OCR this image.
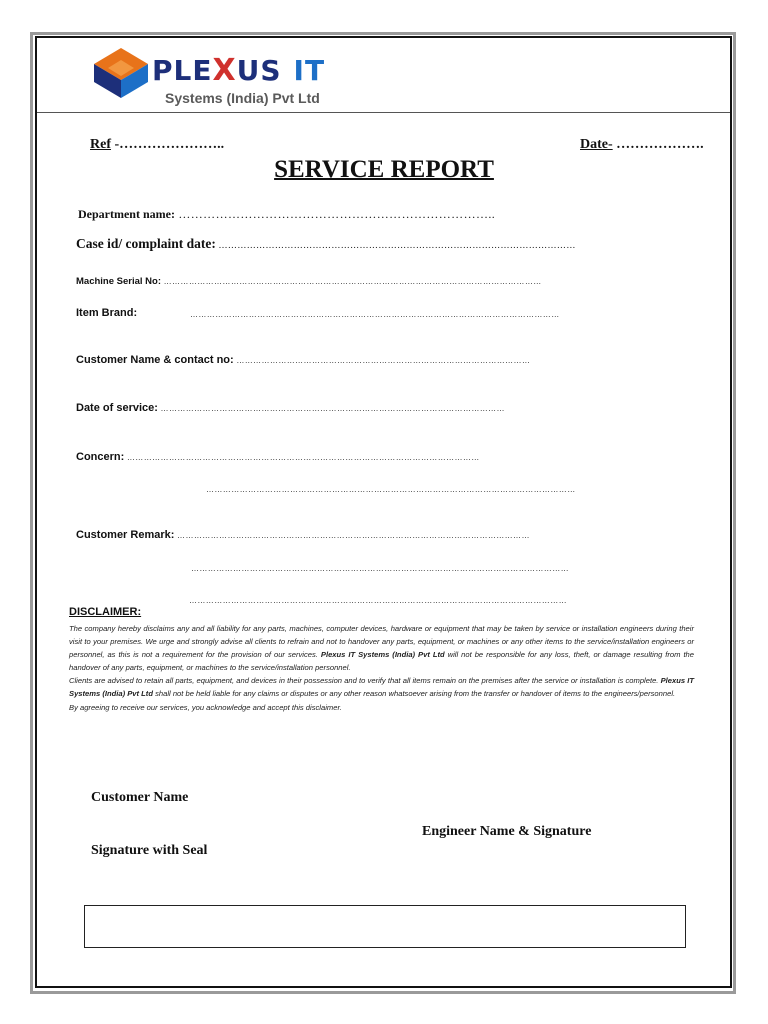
PLEXUS IT
Systems (India) Pvt Ltd
Ref -…………………..	Date- ……………….
SERVICE REPORT
Department name: …………………………………………………………………..
Case id/ complaint date: ……………………………………………………………………………………………………
Machine Serial No: ………………………………………………………………………………………………………………………
Item Brand:	……………………………………………………………………………………………………………………
Customer Name & contact no: ……………………………………………………………………………………………
Date of service: ……………………………………………………………………………………………………………
Concern: ………………………………………………………………………………………………………………
……………………………………………………………………………………………………………………
Customer Remark: ………………………………………………………………………………………………………………
………………………………………………………………………………………………………………………
………………………………………………………………………………………………………………………
DISCLAIMER:

The company hereby disclaims any and all liability for any parts, machines, computer devices, hardware or equipment that may be taken by service or installation engineers during their visit to your premises. We urge and strongly advise all clients to refrain and not to handover any parts, equipment, or machines or any other items to the service/installation engineers or personnel, as this is not a requirement for the provision of our services. Plexus IT Systems (India) Pvt Ltd will not be responsible for any loss, theft, or damage resulting from the handover of any parts, equipment, or machines to the service/installation personnel.

Clients are advised to retain all parts, equipment, and devices in their possession and to verify that all items remain on the premises after the service or installation is complete. Plexus IT Systems (India) Pvt Ltd shall not be held liable for any claims or disputes or any other reason whatsoever arising from the transfer or handover of items to the engineers/personnel.

By agreeing to receive our services, you acknowledge and accept this disclaimer.

Customer Name
Engineer Name & Signature
Signature with Seal
